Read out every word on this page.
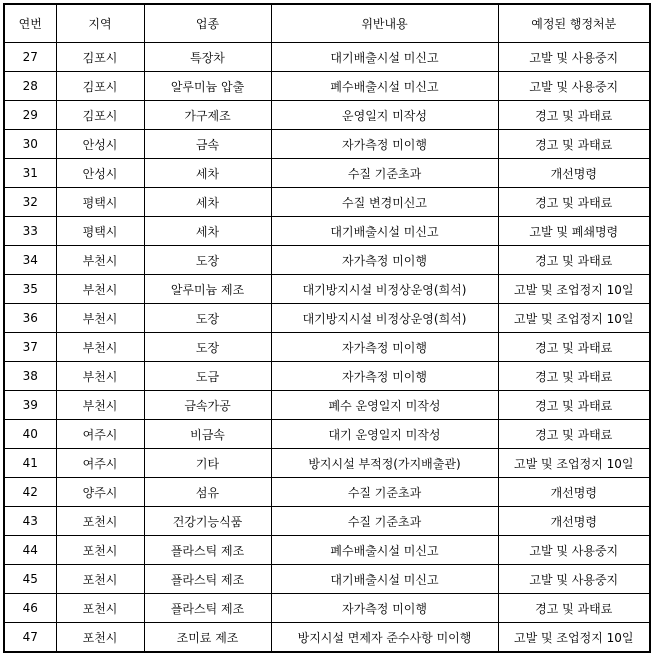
연번	지역	업종	위반내용	예정된 행정처분
27	김포시	특장차	대기배출시설 미신고	고발 및 사용중지
28	김포시	알루미늄 압출	폐수배출시설 미신고	고발 및 사용중지
29	김포시	가구제조	운영일지 미작성	경고 및 과태료
30	안성시	금속	자가측정 미이행	경고 및 과태료
31	안성시	세차	수질 기준초과	개선명령
32	평택시	세차	수질 변경미신고	경고 및 과태료
33	평택시	세차	대기배출시설 미신고	고발 및 폐쇄명령
34	부천시	도장	자가측정 미이행	경고 및 과태료
35	부천시	알루미늄 제조	대기방지시설 비정상운영(희석)	고발 및 조업정지 10일
36	부천시	도장	대기방지시설 비정상운영(희석)	고발 및 조업정지 10일
37	부천시	도장	자가측정 미이행	경고 및 과태료
38	부천시	도금	자가측정 미이행	경고 및 과태료
39	부천시	금속가공	폐수 운영일지 미작성	경고 및 과태료
40	여주시	비금속	대기 운영일지 미작성	경고 및 과태료
41	여주시	기타	방지시설 부적정(가지배출관)	고발 및 조업정지 10일
42	양주시	섬유	수질 기준초과	개선명령
43	포천시	건강기능식품	수질 기준초과	개선명령
44	포천시	플라스틱 제조	폐수배출시설 미신고	고발 및 사용중지
45	포천시	플라스틱 제조	대기배출시설 미신고	고발 및 사용중지
46	포천시	플라스틱 제조	자가측정 미이행	경고 및 과태료
47	포천시	조미료 제조	방지시설 면제자 준수사항 미이행	고발 및 조업정지 10일
